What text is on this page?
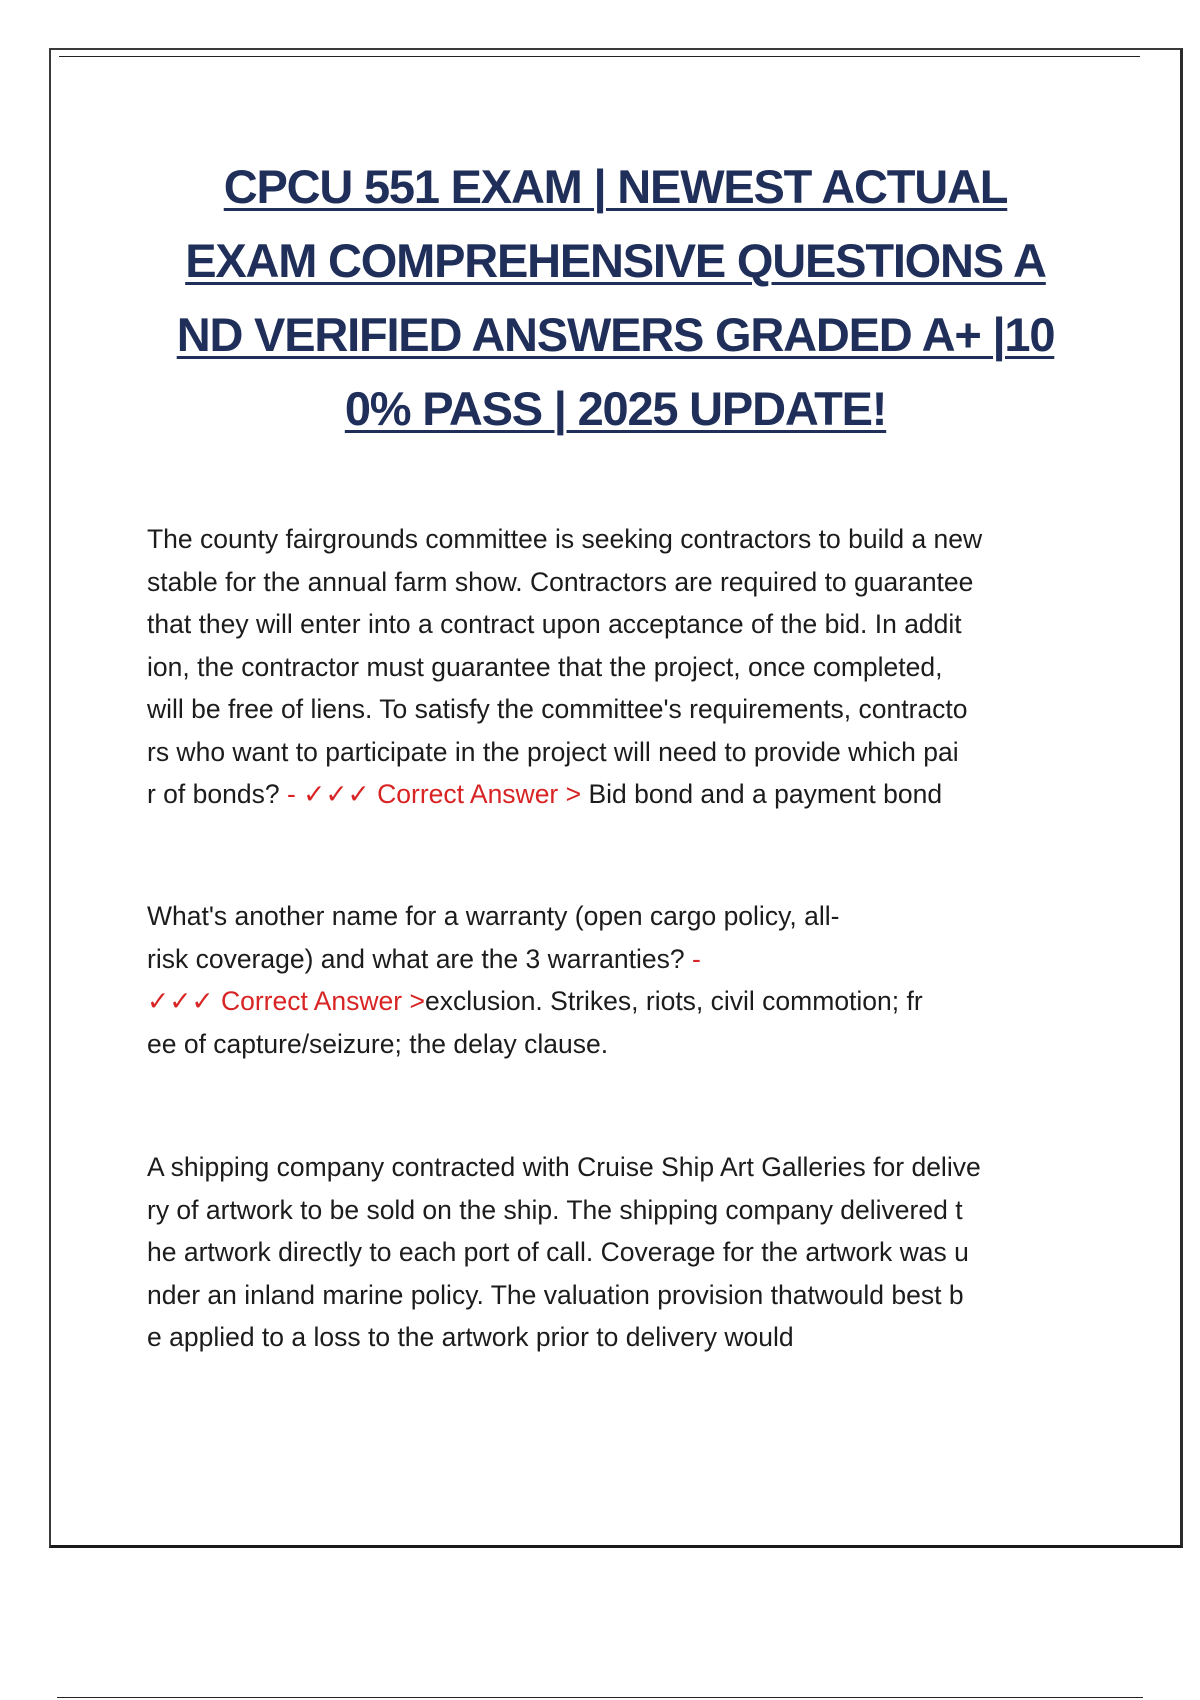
CPCU 551 EXAM | NEWEST ACTUAL
EXAM COMPREHENSIVE QUESTIONS A
ND VERIFIED ANSWERS GRADED A+ |10
0% PASS | 2025 UPDATE!
The county fairgrounds committee is seeking contractors to build a new
stable for the annual farm show. Contractors are required to guarantee
that they will enter into a contract upon acceptance of the bid. In addit
ion, the contractor must guarantee that the project, once completed,
will be free of liens. To satisfy the committee's requirements, contracto
rs who want to participate in the project will need to provide which pai
r of bonds? - ✓✓✓ Correct Answer > Bid bond and a payment bond
What's another name for a warranty (open cargo policy, all-
risk coverage) and what are the 3 warranties? -
✓✓✓ Correct Answer >exclusion. Strikes, riots, civil commotion; fr
ee of capture/seizure; the delay clause.
A shipping company contracted with Cruise Ship Art Galleries for delive
ry of artwork to be sold on the ship. The shipping company delivered t
he artwork directly to each port of call. Coverage for the artwork was u
nder an inland marine policy. The valuation provision thatwould best b
e applied to a loss to the artwork prior to delivery would
